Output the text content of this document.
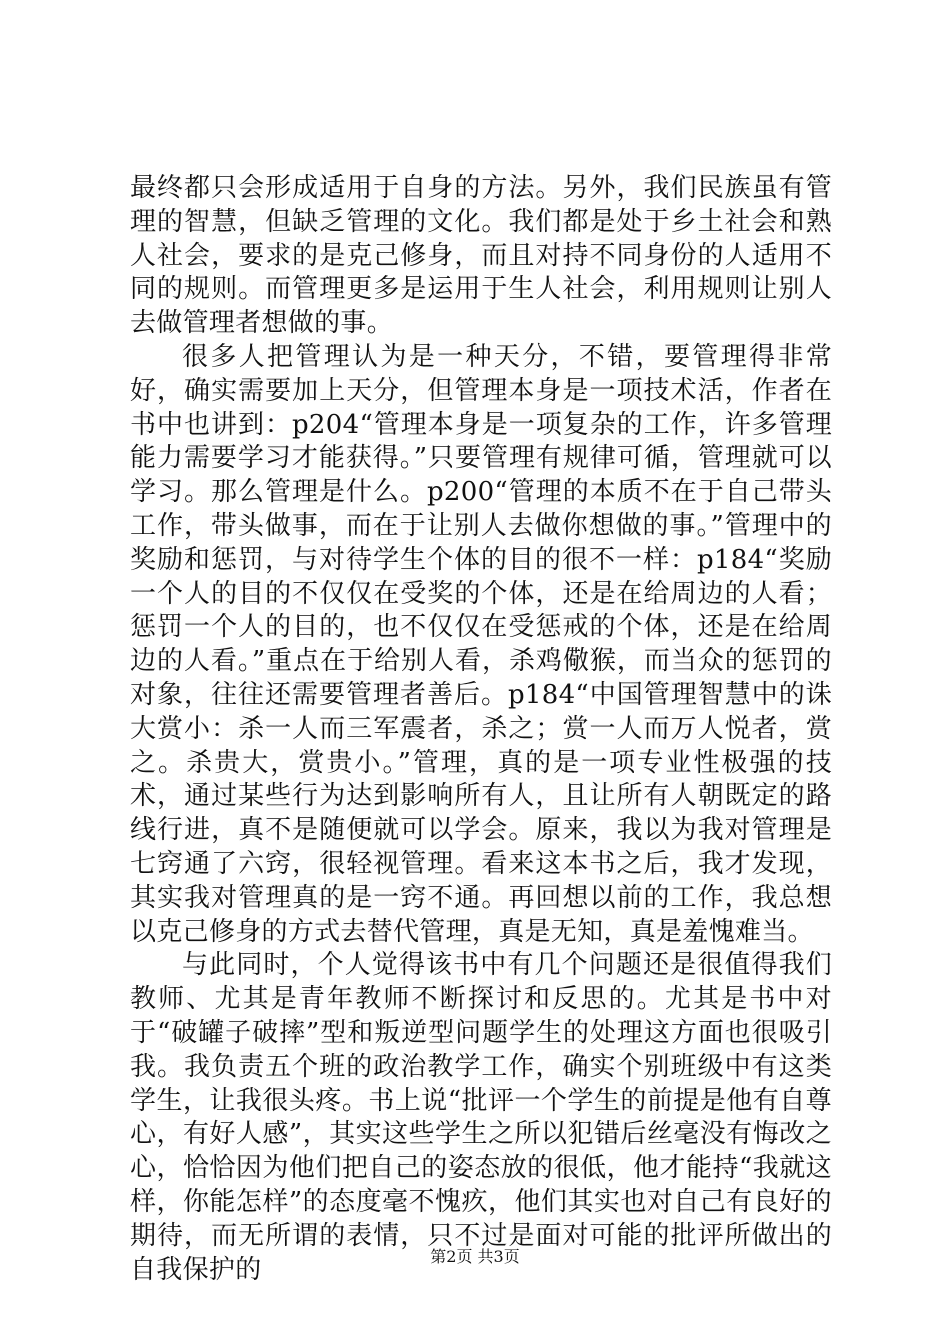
最终都只会形成适用于自身的方法。另外，我们民族虽有管理的智慧，但缺乏管理的文化。我们都是处于乡土社会和熟人社会，要求的是克己修身，而且对持不同身份的人适用不同的规则。而管理更多是运用于生人社会，利用规则让别人去做管理者想做的事。

很多人把管理认为是一种天分，不错，要管理得非常好，确实需要加上天分，但管理本身是一项技术活，作者在书中也讲到：p204“管理本身是一项复杂的工作，许多管理能力需要学习才能获得。”只要管理有规律可循，管理就可以学习。那么管理是什么。p200“管理的本质不在于自己带头工作，带头做事，而在于让别人去做你想做的事。”管理中的奖励和惩罚，与对待学生个体的目的很不一样：p184“奖励一个人的目的不仅仅在受奖的个体，还是在给周边的人看；惩罚一个人的目的，也不仅仅在受惩戒的个体，还是在给周边的人看。”重点在于给别人看，杀鸡儆猴，而当众的惩罚的对象，往往还需要管理者善后。p184“中国管理智慧中的诛大赏小：杀一人而三军震者，杀之；赏一人而万人悦者，赏之。杀贵大，赏贵小。”管理，真的是一项专业性极强的技术，通过某些行为达到影响所有人，且让所有人朝既定的路线行进，真不是随便就可以学会。原来，我以为我对管理是七窍通了六窍，很轻视管理。看来这本书之后，我才发现，其实我对管理真的是一窍不通。再回想以前的工作，我总想以克己修身的方式去替代管理，真是无知，真是羞愧难当。

与此同时，个人觉得该书中有几个问题还是很值得我们教师、尤其是青年教师不断探讨和反思的。尤其是书中对于“破罐子破摔”型和叛逆型问题学生的处理这方面也很吸引我。我负责五个班的政治教学工作，确实个别班级中有这类学生，让我很头疼。书上说“批评一个学生的前提是他有自尊心，有好人感”，其实这些学生之所以犯错后丝毫没有悔改之心，恰恰因为他们把自己的姿态放的很低，他才能持“我就这样，你能怎样”的态度毫不愧疚，他们其实也对自己有良好的期待，而无所谓的表情，只不过是面对可能的批评所做出的自我保护的	第2页 共3页
